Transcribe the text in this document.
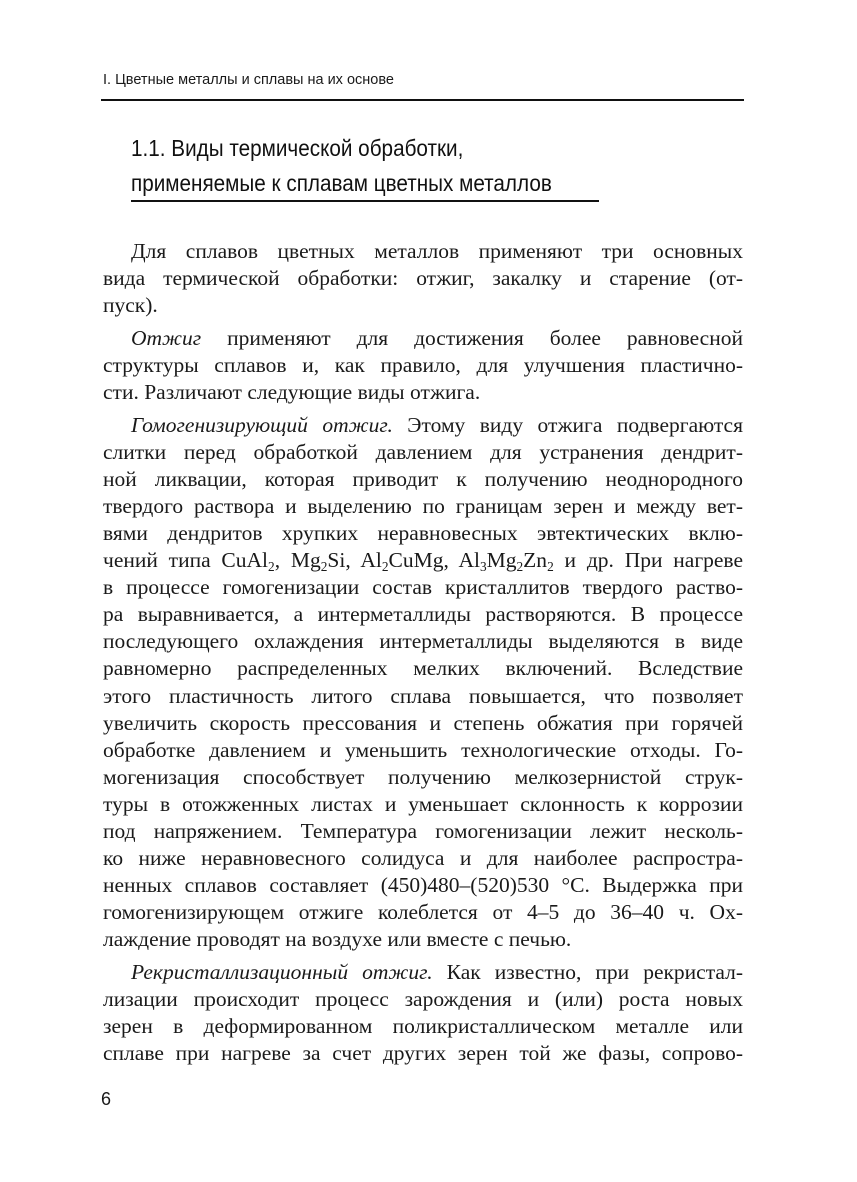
I. Цветные металлы и сплавы на их основе
1.1. Виды термической обработки,
применяемые к сплавам цветных металлов

Для сплавов цветных металлов применяют три основных
вида термической обработки: отжиг, закалку и старение (от-
пуск).

Отжиг применяют для достижения более равновесной
структуры сплавов и, как правило, для улучшения пластично-
сти. Различают следующие виды отжига.

Гомогенизирующий отжиг. Этому виду отжига подвергаются
слитки перед обработкой давлением для устранения дендрит-
ной ликвации, которая приводит к получению неоднородного
твердого раствора и выделению по границам зерен и между вет-
вями дендритов хрупких неравновесных эвтектических вклю-
чений типа CuAl$_2$, $Mg_2Si$, $Al_2CuMg$, $Al_3Mg_2Zn_2$ и др. При нагреве
в процессе гомогенизации состав кристаллитов твердого раство-
ра выравнивается, а интерметаллиды растворяются. В процессе
последующего охлаждения интерметаллиды выделяются в виде
равномерно распределенных мелких включений. Вследствие
этого пластичность литого сплава повышается, что позволяет
увеличить скорость прессования и степень обжатия при горячей
обработке давлением и уменьшить технологические отходы. Го-
могенизация способствует получению мелкозернистой струк-
туры в отожженных листах и уменьшает склонность к коррозии
под напряжением. Температура гомогенизации лежит несколь-
ко ниже неравновесного солидуса и для наиболее распростра-
ненных сплавов составляет (450)480–(520)530 °С. Выдержка при
гомогенизирующем отжиге колеблется от 4–5 до 36–40 ч. Ох-
лаждение проводят на воздухе или вместе с печью.

Рекристаллизационный отжиг. Как известно, при рекристал-
лизации происходит процесс зарождения и (или) роста новых
зерен в деформированном поликристаллическом металле или
сплаве при нагреве за счет других зерен той же фазы, сопрово-

6
